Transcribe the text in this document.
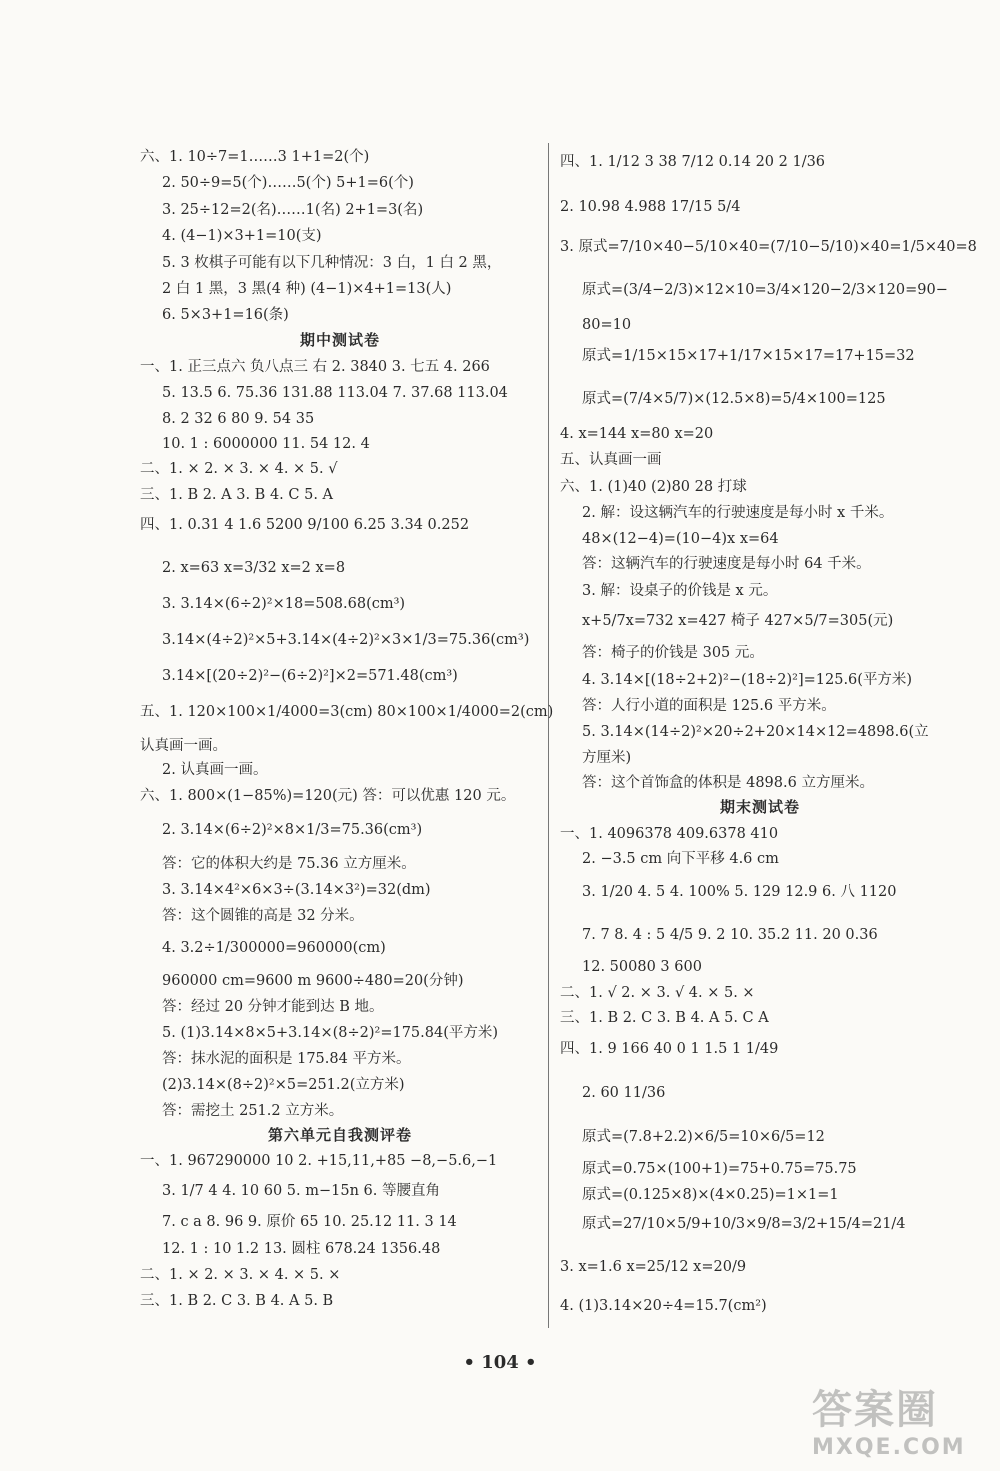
六、1. 10÷7=1……3 1+1=2(个)
2. 50÷9=5(个)……5(个) 5+1=6(个)
3. 25÷12=2(名)……1(名) 2+1=3(名)
4. (4−1)×3+1=10(支)
5. 3 枚棋子可能有以下几种情况：3 白，1 白 2 黑，
2 白 1 黑，3 黑(4 种) (4−1)×4+1=13(人)
6. 5×3+1=16(条)
期中测试卷
一、1. 正三点六 负八点三 右 2. 3840 3. 七五 4. 266
5. 13.5 6. 75.36 131.88 113.04 7. 37.68 113.04
8. 2 32 6 80 9. 54 35
10. 1 : 6000000 11. 54 12. 4
二、1. × 2. × 3. × 4. × 5. √
三、1. B 2. A 3. B 4. C 5. A
四、1. 0.31 4 1.6 5200 9/100 6.25 3.34 0.252
2. x=63 x=3/32 x=2 x=8
3. 3.14×(6÷2)²×18=508.68(cm³)
3.14×(4÷2)²×5+3.14×(4÷2)²×3×1/3=75.36(cm³)
3.14×[(20÷2)²−(6÷2)²]×2=571.48(cm³)
五、1. 120×100×1/4000=3(cm) 80×100×1/4000=2(cm)
认真画一画。
2. 认真画一画。
六、1. 800×(1−85%)=120(元) 答：可以优惠 120 元。
2. 3.14×(6÷2)²×8×1/3=75.36(cm³)
答：它的体积大约是 75.36 立方厘米。
3. 3.14×4²×6×3÷(3.14×3²)=32(dm)
答：这个圆锥的高是 32 分米。
4. 3.2÷1/300000=960000(cm)
960000 cm=9600 m 9600÷480=20(分钟)
答：经过 20 分钟才能到达 B 地。
5. (1)3.14×8×5+3.14×(8÷2)²=175.84(平方米)
答：抹水泥的面积是 175.84 平方米。
(2)3.14×(8÷2)²×5=251.2(立方米)
答：需挖土 251.2 立方米。
第六单元自我测评卷
一、1. 967290000 10 2. +15,11,+85 −8,−5.6,−1
3. 1/7 4 4. 10 60 5. m−15n 6. 等腰直角
7. c a 8. 96 9. 原价 65 10. 25.12 11. 3 14
12. 1 : 10 1.2 13. 圆柱 678.24 1356.48
二、1. × 2. × 3. × 4. × 5. ×
三、1. B 2. C 3. B 4. A 5. B
四、1. 1/12 3 38 7/12 0.14 20 2 1/36
2. 10.98 4.988 17/15 5/4
3. 原式=7/10×40−5/10×40=(7/10−5/10)×40=1/5×40=8
原式=(3/4−2/3)×12×10=3/4×120−2/3×120=90−
80=10
原式=1/15×15×17+1/17×15×17=17+15=32
原式=(7/4×5/7)×(12.5×8)=5/4×100=125
4. x=144 x=80 x=20
五、认真画一画
六、1. (1)40 (2)80 28 打球
2. 解：设这辆汽车的行驶速度是每小时 x 千米。
48×(12−4)=(10−4)x x=64
答：这辆汽车的行驶速度是每小时 64 千米。
3. 解：设桌子的价钱是 x 元。
x+5/7x=732 x=427 椅子 427×5/7=305(元)
答：椅子的价钱是 305 元。
4. 3.14×[(18÷2+2)²−(18÷2)²]=125.6(平方米)
答：人行小道的面积是 125.6 平方米。
5. 3.14×(14÷2)²×20÷2+20×14×12=4898.6(立
方厘米)
答：这个首饰盒的体积是 4898.6 立方厘米。
期末测试卷
一、1. 4096378 409.6378 410
2. −3.5 cm 向下平移 4.6 cm
3. 1/20 4. 5 4. 100% 5. 129 12.9 6. 八 1120
7. 7 8. 4 : 5 4/5 9. 2 10. 35.2 11. 20 0.36
12. 50080 3 600
二、1. √ 2. × 3. √ 4. × 5. ×
三、1. B 2. C 3. B 4. A 5. C A
四、1. 9 166 40 0 1 1.5 1 1/49
2. 60 11/36
原式=(7.8+2.2)×6/5=10×6/5=12
原式=0.75×(100+1)=75+0.75=75.75
原式=(0.125×8)×(4×0.25)=1×1=1
原式=27/10×5/9+10/3×9/8=3/2+15/4=21/4
3. x=1.6 x=25/12 x=20/9
4. (1)3.14×20÷4=15.7(cm²)
• 104 •
答案圈
MXQE.COM
